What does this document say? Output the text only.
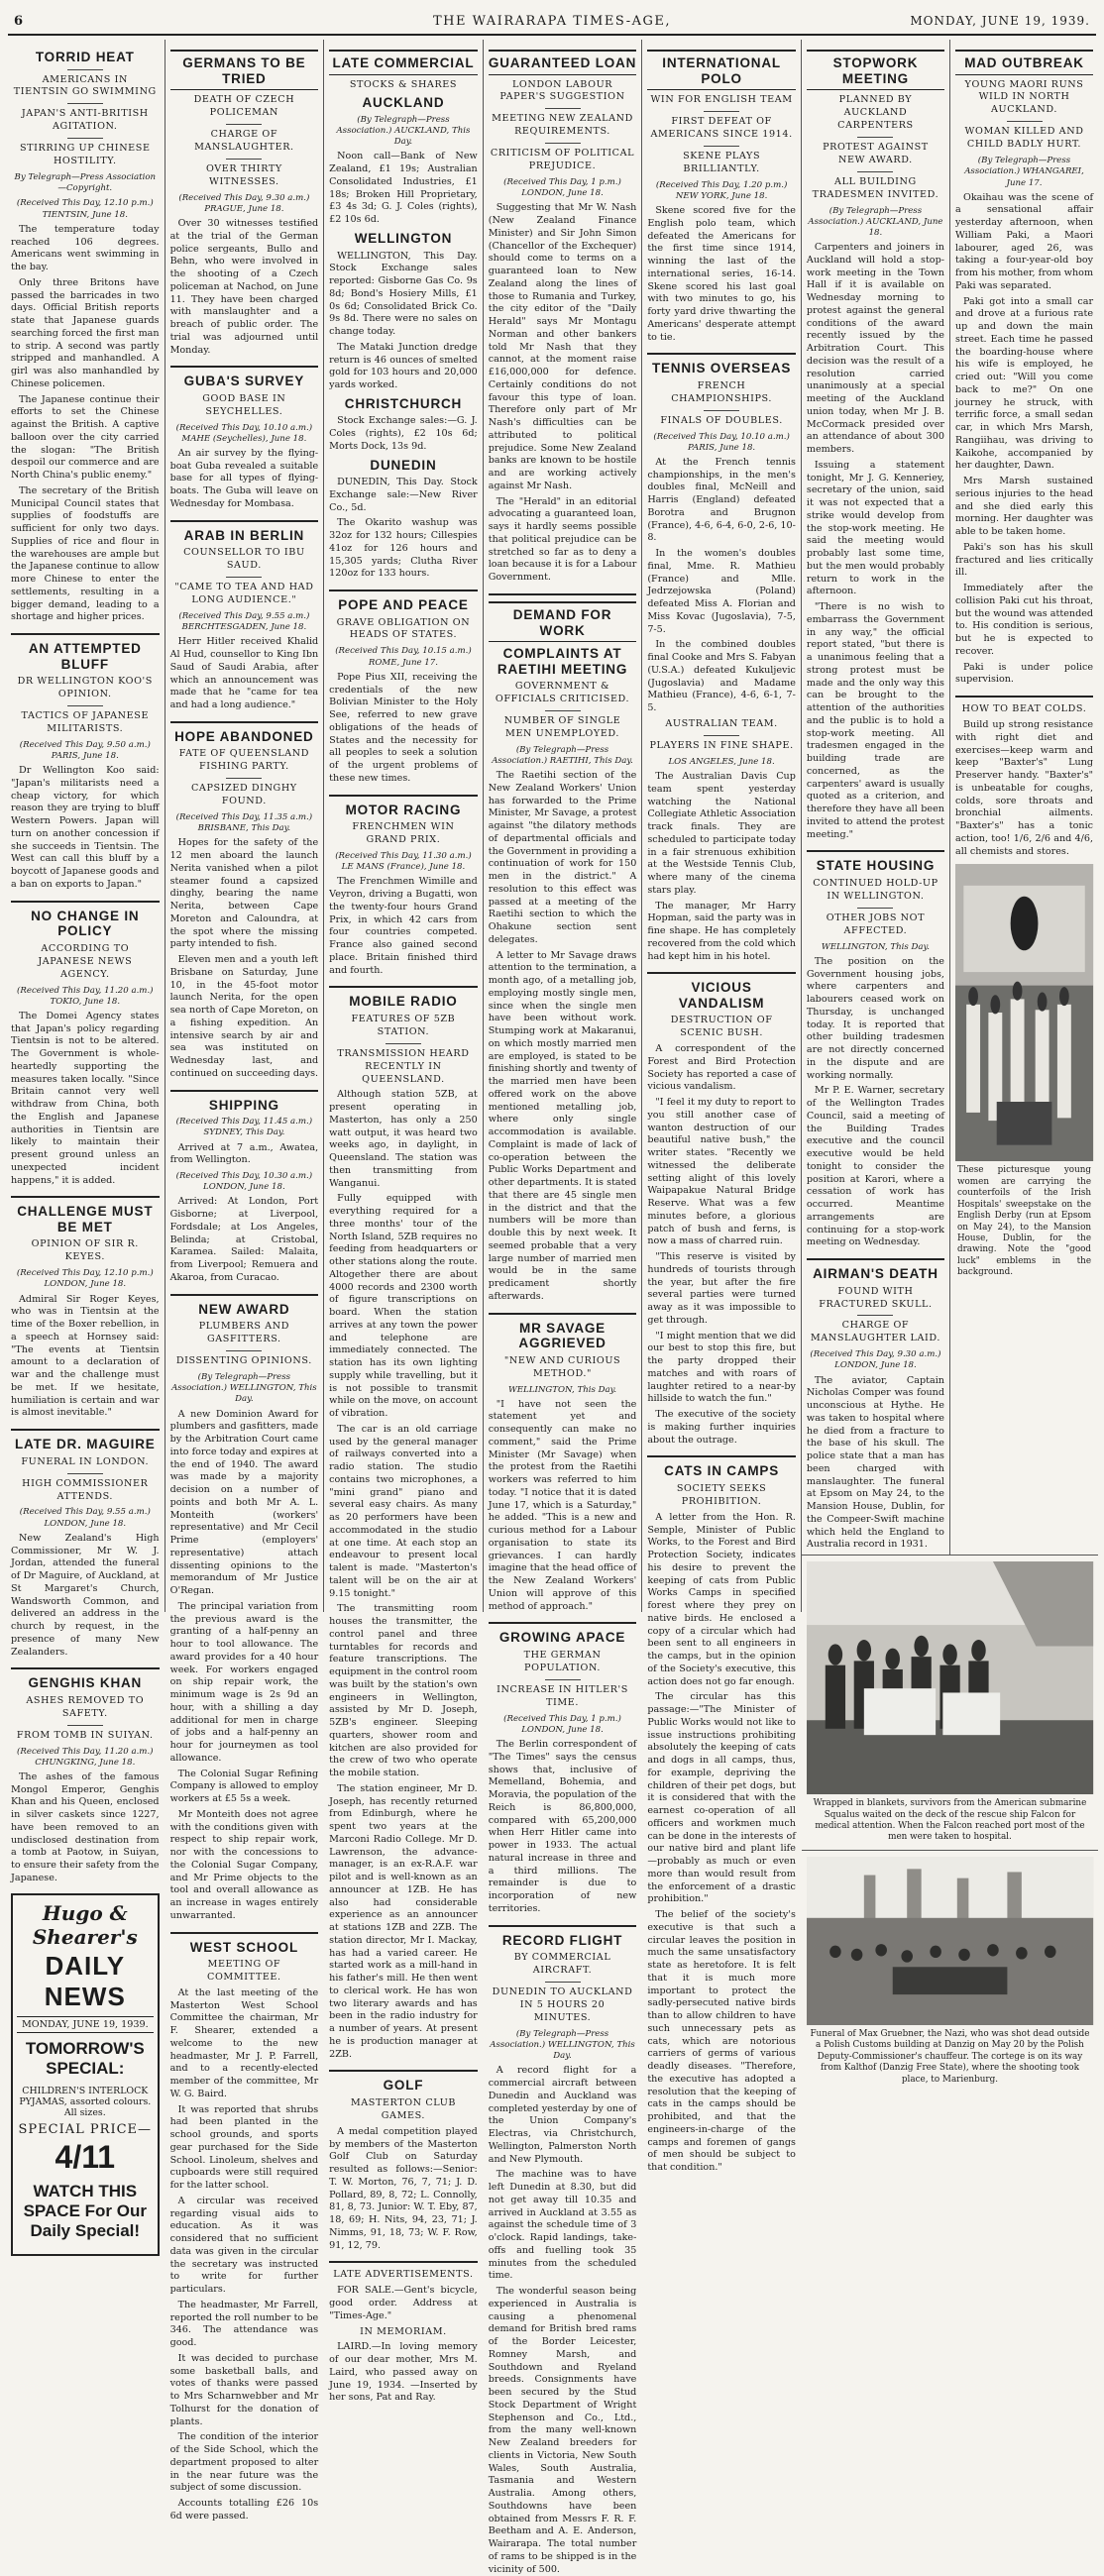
6	THE WAIRARAPA TIMES-AGE,	MONDAY, JUNE 19, 1939.
TORRID HEAT
AMERICANS IN TIENTSIN GO SWIMMING
JAPAN'S ANTI-BRITISH AGITATION.
STIRRING UP CHINESE HOSTILITY.
By Telegraph—Press Association—Copyright.
(Received This Day, 12.10 p.m.) TIENTSIN, June 18.

The temperature today reached 106 degrees. Americans went swimming in the bay.

Only three Britons have passed the barricades in two days. Official British reports state that Japanese guards searching forced the first man to strip. A second was partly stripped and manhandled. A girl was also manhandled by Chinese policemen.

The Japanese continue their efforts to set the Chinese against the British. A captive balloon over the city carried the slogan: "The British despoil our commerce and are North China's public enemy."

The secretary of the British Municipal Council states that supplies of foodstuffs are sufficient for only two days. Supplies of rice and flour in the warehouses are ample but the Japanese continue to allow more Chinese to enter the settlements, resulting in a bigger demand, leading to a shortage and higher prices.

AN ATTEMPTED BLUFF
DR WELLINGTON KOO'S OPINION.
TACTICS OF JAPANESE MILITARISTS.
(Received This Day, 9.50 a.m.) PARIS, June 18.

Dr Wellington Koo said: "Japan's militarists need a cheap victory, for which reason they are trying to bluff Western Powers. Japan will turn on another concession if she succeeds in Tientsin. The West can call this bluff by a boycott of Japanese goods and a ban on exports to Japan."

NO CHANGE IN POLICY
ACCORDING TO JAPANESE NEWS AGENCY.
(Received This Day, 11.20 a.m.) TOKIO, June 18.

The Domei Agency states that Japan's policy regarding Tientsin is not to be altered. The Government is whole-heartedly supporting the measures taken locally. "Since Britain cannot very well withdraw from China, both the English and Japanese authorities in Tientsin are likely to maintain their present ground unless an unexpected incident happens," it is added.

CHALLENGE MUST BE MET
OPINION OF SIR R. KEYES.
(Received This Day, 12.10 p.m.) LONDON, June 18.

Admiral Sir Roger Keyes, who was in Tientsin at the time of the Boxer rebellion, in a speech at Hornsey said: "The events at Tientsin amount to a declaration of war and the challenge must be met. If we hesitate, humiliation is certain and war is almost inevitable."

LATE DR. MAGUIRE
FUNERAL IN LONDON.
HIGH COMMISSIONER ATTENDS.
(Received This Day, 9.55 a.m.) LONDON, June 18.

New Zealand's High Commissioner, Mr W. J. Jordan, attended the funeral of Dr Maguire, of Auckland, at St Margaret's Church, Wandsworth Common, and delivered an address in the church by request, in the presence of many New Zealanders.

GENGHIS KHAN
ASHES REMOVED TO SAFETY.
FROM TOMB IN SUIYAN.
(Received This Day, 11.20 a.m.) CHUNGKING, June 18.

The ashes of the famous Mongol Emperor, Genghis Khan and his Queen, enclosed in silver caskets since 1227, have been removed to an undisclosed destination from a tomb at Paotow, in Suiyan, to ensure their safety from the Japanese.

Hugo & Shearer's
DAILY NEWS
MONDAY, JUNE 19, 1939.
TOMORROW'S SPECIAL:
CHILDREN'S INTERLOCK PYJAMAS, assorted colours. All sizes.
SPECIAL PRICE—
4/11
WATCH THIS SPACE For Our Daily Special!
GERMANS TO BE TRIED
DEATH OF CZECH POLICEMAN
CHARGE OF MANSLAUGHTER.
OVER THIRTY WITNESSES.
(Received This Day, 9.30 a.m.) PRAGUE, June 18.

Over 30 witnesses testified at the trial of the German police sergeants, Bullo and Behn, who were involved in the shooting of a Czech policeman at Nachod, on June 11. They have been charged with manslaughter and a breach of public order. The trial was adjourned until Monday.

GUBA'S SURVEY
GOOD BASE IN SEYCHELLES.
(Received This Day, 10.10 a.m.) MAHE (Seychelles), June 18.

An air survey by the flying-boat Guba revealed a suitable base for all types of flying-boats. The Guba will leave on Wednesday for Mombasa.

ARAB IN BERLIN
COUNSELLOR TO IBU SAUD.
"CAME TO TEA AND HAD LONG AUDIENCE."
(Received This Day, 9.55 a.m.) BERCHTESGADEN, June 18.

Herr Hitler received Khalid Al Hud, counsellor to King Ibn Saud of Saudi Arabia, after which an announcement was made that he "came for tea and had a long audience."

HOPE ABANDONED
FATE OF QUEENSLAND FISHING PARTY.
CAPSIZED DINGHY FOUND.
(Received This Day, 11.35 a.m.) BRISBANE, This Day.

Hopes for the safety of the 12 men aboard the launch Nerita vanished when a pilot steamer found a capsized dinghy, bearing the name Nerita, between Cape Moreton and Caloundra, at the spot where the missing party intended to fish.

Eleven men and a youth left Brisbane on Saturday, June 10, in the 45-foot motor launch Nerita, for the open sea north of Cape Moreton, on a fishing expedition. An intensive search by air and sea was instituted on Wednesday last, and continued on succeeding days.

SHIPPING
(Received This Day, 11.45 a.m.) SYDNEY, This Day.

Arrived at 7 a.m., Awatea, from Wellington.

(Received This Day, 10.30 a.m.) LONDON, June 18.

Arrived: At London, Port Gisborne; at Liverpool, Fordsdale; at Los Angeles, Belinda; at Cristobal, Karamea. Sailed: Malaita, from Liverpool; Remuera and Akaroa, from Curacao.

NEW AWARD
PLUMBERS AND GASFITTERS.
DISSENTING OPINIONS.
(By Telegraph—Press Association.) WELLINGTON, This Day.

A new Dominion Award for plumbers and gasfitters, made by the Arbitration Court came into force today and expires at the end of 1940. The award was made by a majority decision on a number of points and both Mr A. L. Monteith (workers' representative) and Mr Cecil Prime (employers' representative) attach dissenting opinions to the memorandum of Mr Justice O'Regan.

The principal variation from the previous award is the granting of a half-penny an hour to tool allowance. The award provides for a 40 hour week. For workers engaged on ship repair work, the minimum wage is 2s 9d an hour, with a shilling a day additional for men in charge of jobs and a half-penny an hour for journeymen as tool allowance.

The Colonial Sugar Refining Company is allowed to employ workers at £5 5s a week.

Mr Monteith does not agree with the conditions given with respect to ship repair work, nor with the concessions to the Colonial Sugar Company, and Mr Prime objects to the tool and overall allowance as an increase in wages entirely unwarranted.

WEST SCHOOL
MEETING OF COMMITTEE.

At the last meeting of the Masterton West School Committee the chairman, Mr F. Shearer, extended a welcome to the new headmaster, Mr J. P. Farrell, and to a recently-elected member of the committee, Mr W. G. Baird.

It was reported that shrubs had been planted in the school grounds, and sports gear purchased for the Side School. Linoleum, shelves and cupboards were still required for the latter school.

A circular was received regarding visual aids to education. As it was considered that no sufficient data was given in the circular the secretary was instructed to write for further particulars.

The headmaster, Mr Farrell, reported the roll number to be 346. The attendance was good.

It was decided to purchase some basketball balls, and votes of thanks were passed to Mrs Scharnwebber and Mr Tolhurst for the donation of plants.

The condition of the interior of the Side School, which the department proposed to alter in the near future was the subject of some discussion.

Accounts totalling £26 10s 6d were passed.

LATE COMMERCIAL
STOCKS & SHARES
AUCKLAND
(By Telegraph—Press Association.) AUCKLAND, This Day.

Noon call—Bank of New Zealand, £1 19s; Australian Consolidated Industries, £1 18s; Broken Hill Proprietary, £3 4s 3d; G. J. Coles (rights), £2 10s 6d.

WELLINGTON

WELLINGTON, This Day. Stock Exchange sales reported: Gisborne Gas Co. 9s 8d; Bond's Hosiery Mills, £1 0s 6d; Consolidated Brick Co. 9s 8d. There were no sales on change today.

The Mataki Junction dredge return is 46 ounces of smelted gold for 103 hours and 20,000 yards worked.

CHRISTCHURCH

Stock Exchange sales:—G. J. Coles (rights), £2 10s 6d; Morts Dock, 13s 9d.

DUNEDIN

DUNEDIN, This Day. Stock Exchange sale:—New River Co., 5d.

The Okarito washup was 32oz for 132 hours; Cillespies 41oz for 126 hours and 15,305 yards; Clutha River 120oz for 133 hours.

POPE AND PEACE
GRAVE OBLIGATION ON HEADS OF STATES.
(Received This Day, 10.15 a.m.) ROME, June 17.

Pope Pius XII, receiving the credentials of the new Bolivian Minister to the Holy See, referred to new grave obligations of the heads of States and the necessity for all peoples to seek a solution of the urgent problems of these new times.

MOTOR RACING
FRENCHMEN WIN GRAND PRIX.
(Received This Day, 11.30 a.m.) LE MANS (France), June 18.

The Frenchmen Wimille and Veyron, driving a Bugatti, won the twenty-four hours Grand Prix, in which 42 cars from four countries competed. France also gained second place. Britain finished third and fourth.

MOBILE RADIO
FEATURES OF 5ZB STATION.
TRANSMISSION HEARD RECENTLY IN QUEENSLAND.

Although station 5ZB, at present operating in Masterton, has only a 250 watt output, it was heard two weeks ago, in daylight, in Queensland. The station was then transmitting from Wanganui.

Fully equipped with everything required for a three months' tour of the North Island, 5ZB requires no feeding from headquarters or other stations along the route. Altogether there are about 4000 records and 2300 worth of figure transcriptions on board. When the station arrives at any town the power and telephone are immediately connected. The station has its own lighting supply while travelling, but it is not possible to transmit while on the move, on account of vibration.

The car is an old carriage used by the general manager of railways converted into a radio station. The studio contains two microphones, a "mini grand" piano and several easy chairs. As many as 20 performers have been accommodated in the studio at one time. At each stop an endeavour to present local talent is made. "Masterton's talent will be on the air at 9.15 tonight."

The transmitting room houses the transmitter, the control panel and three turntables for records and feature transcriptions. The equipment in the control room was built by the station's own engineers in Wellington, assisted by Mr D. Joseph, 5ZB's engineer. Sleeping quarters, shower room and kitchen are also provided for the crew of two who operate the mobile station.

The station engineer, Mr D. Joseph, has recently returned from Edinburgh, where he spent two years at the Marconi Radio College. Mr D. Lawrenson, the advance-manager, is an ex-R.A.F. war pilot and is well-known as an announcer at 1ZB. He has also had considerable experience as an announcer at stations 1ZB and 2ZB. The station director, Mr I. Mackay, has had a varied career. He started work as a mill-hand in his father's mill. He then went to clerical work. He has won two literary awards and has been in the radio industry for a number of years. At present he is production manager at 2ZB.

GOLF
MASTERTON CLUB GAMES.

A medal competition played by members of the Masterton Golf Club on Saturday resulted as follows:—Senior: T. W. Morton, 76, 7, 71; J. D. Pollard, 89, 8, 72; L. Connolly, 81, 8, 73. Junior: W. T. Eby, 87, 18, 69; H. Nits, 94, 23, 71; J. Nimms, 91, 18, 73; W. F. Row, 91, 12, 79.

LATE ADVERTISEMENTS.

FOR SALE.—Gent's bicycle, good order. Address at "Times-Age."

IN MEMORIAM.

LAIRD.—In loving memory of our dear mother, Mrs M. Laird, who passed away on June 19, 1934. —Inserted by her sons, Pat and Ray.

GUARANTEED LOAN
LONDON LABOUR PAPER'S SUGGESTION
MEETING NEW ZEALAND REQUIREMENTS.
CRITICISM OF POLITICAL PREJUDICE.
(Received This Day, 1 p.m.) LONDON, June 18.

Suggesting that Mr W. Nash (New Zealand Finance Minister) and Sir John Simon (Chancellor of the Exchequer) should come to terms on a guaranteed loan to New Zealand along the lines of those to Rumania and Turkey, the city editor of the "Daily Herald" says Mr Montagu Norman and other bankers told Mr Nash that they cannot, at the moment raise £16,000,000 for defence. Certainly conditions do not favour this type of loan. Therefore only part of Mr Nash's difficulties can be attributed to political prejudice. Some New Zealand banks are known to be hostile and are working actively against Mr Nash.

The "Herald" in an editorial advocating a guaranteed loan, says it hardly seems possible that political prejudice can be stretched so far as to deny a loan because it is for a Labour Government.

DEMAND FOR WORK
COMPLAINTS AT RAETIHI MEETING
GOVERNMENT & OFFICIALS CRITICISED.
NUMBER OF SINGLE MEN UNEMPLOYED.
(By Telegraph—Press Association.) RAETIHI, This Day.

The Raetihi section of the New Zealand Workers' Union has forwarded to the Prime Minister, Mr Savage, a protest against "the dilatory methods of departmental officials and the Government in providing a continuation of work for 150 men in the district." A resolution to this effect was passed at a meeting of the Raetihi section to which the Ohakune section sent delegates.

A letter to Mr Savage draws attention to the termination, a month ago, of a metalling job, employing mostly single men, since when the single men have been without work. Stumping work at Makaranui, on which mostly married men are employed, is stated to be finishing shortly and twenty of the married men have been offered work on the above mentioned metalling job, where only single accommodation is available. Complaint is made of lack of co-operation between the Public Works Department and other departments. It is stated that there are 45 single men in the district and that the numbers will be more than double this by next week. It seemed probable that a very large number of married men would be in the same predicament shortly afterwards.

MR SAVAGE AGGRIEVED
"NEW AND CURIOUS METHOD."
WELLINGTON, This Day.

"I have not seen the statement yet and consequently can make no comment," said the Prime Minister (Mr Savage) when the protest from the Raetihi workers was referred to him today. "I notice that it is dated June 17, which is a Saturday," he added. "This is a new and curious method for a Labour organisation to state its grievances. I can hardly imagine that the head office of the New Zealand Workers' Union will approve of this method of approach."

GROWING APACE
THE GERMAN POPULATION.
INCREASE IN HITLER'S TIME.
(Received This Day, 1 p.m.) LONDON, June 18.

The Berlin correspondent of "The Times" says the census shows that, inclusive of Memelland, Bohemia, and Moravia, the population of the Reich is 86,800,000, compared with 65,200,000 when Herr Hitler came into power in 1933. The actual natural increase in three and a third millions. The remainder is due to incorporation of new territories.

RECORD FLIGHT
BY COMMERCIAL AIRCRAFT.
DUNEDIN TO AUCKLAND IN 5 HOURS 20 MINUTES.
(By Telegraph—Press Association.) WELLINGTON, This Day.

A record flight for a commercial aircraft between Dunedin and Auckland was completed yesterday by one of the Union Company's Electras, via Christchurch, Wellington, Palmerston North and New Plymouth.

The machine was to have left Dunedin at 8.30, but did not get away till 10.35 and arrived in Auckland at 3.55 as against the schedule time of 3 o'clock. Rapid landings, take-offs and fuelling took 35 minutes from the scheduled time.

The wonderful season being experienced in Australia is causing a phenomenal demand for British bred rams of the Border Leicester, Romney Marsh, and Southdown and Ryeland breeds. Consignments have been secured by the Stud Stock Department of Wright Stephenson and Co., Ltd., from the many well-known New Zealand breeders for clients in Victoria, New South Wales, South Australia, Tasmania and Western Australia. Among others, Southdowns have been obtained from Messrs F. R. F. Beetham and A. E. Anderson, Wairarapa. The total number of rams to be shipped is in the vicinity of 500.

INTERNATIONAL POLO
WIN FOR ENGLISH TEAM
FIRST DEFEAT OF AMERICANS SINCE 1914.
SKENE PLAYS BRILLIANTLY.
(Received This Day, 1.20 p.m.) NEW YORK, June 18.

Skene scored five for the English polo team, which defeated the Americans for the first time since 1914, winning the last of the international series, 16-14. Skene scored his last goal with two minutes to go, his forty yard drive thwarting the Americans' desperate attempt to tie.

TENNIS OVERSEAS
FRENCH CHAMPIONSHIPS.
FINALS OF DOUBLES.
(Received This Day, 10.10 a.m.) PARIS, June 18.

At the French tennis championships, in the men's doubles final, McNeill and Harris (England) defeated Borotra and Brugnon (France), 4-6, 6-4, 6-0, 2-6, 10-8.

In the women's doubles final, Mme. R. Mathieu (France) and Mlle. Jedrzejowska (Poland) defeated Miss A. Florian and Miss Kovac (Jugoslavia), 7-5, 7-5.

In the combined doubles final Cooke and Mrs S. Fabyan (U.S.A.) defeated Kukuljevic (Jugoslavia) and Madame Mathieu (France), 4-6, 6-1, 7-5.

AUSTRALIAN TEAM.
PLAYERS IN FINE SHAPE.
LOS ANGELES, June 18.

The Australian Davis Cup team spent yesterday watching the National Collegiate Athletic Association track finals. They are scheduled to participate today in a fair strenuous exhibition at the Westside Tennis Club, where many of the cinema stars play.

The manager, Mr Harry Hopman, said the party was in fine shape. He has completely recovered from the cold which had kept him in his hotel.

VICIOUS VANDALISM
DESTRUCTION OF SCENIC BUSH.

A correspondent of the Forest and Bird Protection Society has reported a case of vicious vandalism.

"I feel it my duty to report to you still another case of wanton destruction of our beautiful native bush," the writer states. "Recently we witnessed the deliberate setting alight of this lovely Waipapakue Natural Bridge Reserve. What was a few minutes before, a glorious patch of bush and ferns, is now a mass of charred ruin.

"This reserve is visited by hundreds of tourists through the year, but after the fire several parties were turned away as it was impossible to get through.

"I might mention that we did our best to stop this fire, but the party dropped their matches and with roars of laughter retired to a near-by hillside to watch the fun."

The executive of the society is making further inquiries about the outrage.

CATS IN CAMPS
SOCIETY SEEKS PROHIBITION.

A letter from the Hon. R. Semple, Minister of Public Works, to the Forest and Bird Protection Society, indicates his desire to prevent the keeping of cats from Public Works Camps in specified forest where they prey on native birds. He enclosed a copy of a circular which had been sent to all engineers in the camps, but in the opinion of the Society's executive, this action does not go far enough.

The circular has this passage:—"The Minister of Public Works would not like to issue instructions prohibiting absolutely the keeping of cats and dogs in all camps, thus, for example, depriving the children of their pet dogs, but it is considered that with the earnest co-operation of all officers and workmen much can be done in the interests of our native bird and plant life—probably as much or even more than would result from the enforcement of a drastic prohibition."

The belief of the society's executive is that such a circular leaves the position in much the same unsatisfactory state as heretofore. It is felt that it is much more important to protect the sadly-persecuted native birds than to allow children to have such unnecessary pets as cats, which are notorious carriers of germs of various deadly diseases. "Therefore, the executive has adopted a resolution that the keeping of cats in the camps should be prohibited, and that the engineers-in-charge of the camps and foremen of gangs of men should be subject to that condition."

STOPWORK MEETING
PLANNED BY AUCKLAND CARPENTERS
PROTEST AGAINST NEW AWARD.
ALL BUILDING TRADESMEN INVITED.
(By Telegraph—Press Association.) AUCKLAND, June 18.

Carpenters and joiners in Auckland will hold a stop-work meeting in the Town Hall if it is available on Wednesday morning to protest against the general conditions of the award recently issued by the Arbitration Court. This decision was the result of a resolution carried unanimously at a special meeting of the Auckland union today, when Mr J. B. McCormack presided over an attendance of about 300 members.

Issuing a statement tonight, Mr J. G. Kenneriey, secretary of the union, said it was not expected that a strike would develop from the stop-work meeting. He said the meeting would probably last some time, but the men would probably return to work in the afternoon.

"There is no wish to embarrass the Government in any way," the official report stated, "but there is a unanimous feeling that a strong protest must be made and the only way this can be brought to the attention of the authorities and the public is to hold a stop-work meeting. All tradesmen engaged in the building trade are concerned, as the carpenters' award is usually quoted as a criterion, and therefore they have all been invited to attend the protest meeting."

STATE HOUSING
CONTINUED HOLD-UP IN WELLINGTON.
OTHER JOBS NOT AFFECTED.
WELLINGTON, This Day.

The position on the Government housing jobs, where carpenters and labourers ceased work on Thursday, is unchanged today. It is reported that other building tradesmen are not directly concerned in the dispute and are working normally.

Mr P. E. Warner, secretary of the Wellington Trades Council, said a meeting of the Building Trades executive and the council executive would be held tonight to consider the position at Karori, where a cessation of work has occurred. Meantime arrangements are continuing for a stop-work meeting on Wednesday.

AIRMAN'S DEATH
FOUND WITH FRACTURED SKULL.
CHARGE OF MANSLAUGHTER LAID.
(Received This Day, 9.30 a.m.) LONDON, June 18.

The aviator, Captain Nicholas Comper was found unconscious at Hythe. He was taken to hospital where he died from a fracture to the base of his skull. The police state that a man has been charged with manslaughter. The funeral at Epsom on May 24, to the Mansion House, Dublin, for the Compeer-Swift machine which held the England to Australia record in 1931.

MAD OUTBREAK
YOUNG MAORI RUNS WILD IN NORTH AUCKLAND.
WOMAN KILLED AND CHILD BADLY HURT.
(By Telegraph—Press Association.) WHANGAREI, June 17.

Okaihau was the scene of a sensational affair yesterday afternoon, when William Paki, a Maori labourer, aged 26, was taking a four-year-old boy from his mother, from whom Paki was separated.

Paki got into a small car and drove at a furious rate up and down the main street. Each time he passed the boarding-house where his wife is employed, he cried out: "Will you come back to me?" On one journey he struck, with terrific force, a small sedan car, in which Mrs Marsh, Rangiihau, was driving to Kaikohe, accompanied by her daughter, Dawn.

Mrs Marsh sustained serious injuries to the head and she died early this morning. Her daughter was able to be taken home.

Paki's son has his skull fractured and lies critically ill.

Immediately after the collision Paki cut his throat, but the wound was attended to. His condition is serious, but he is expected to recover.

Paki is under police supervision.

HOW TO BEAT COLDS.

Build up strong resistance with right diet and exercises—keep warm and keep "Baxter's" Lung Preserver handy. "Baxter's" is unbeatable for coughs, colds, sore throats and bronchial ailments. "Baxter's" has a tonic action, too! 1/6, 2/6 and 4/6, all chemists and stores.

These picturesque young women are carrying the counterfoils of the Irish Hospitals' sweepstake on the English Derby (run at Epsom on May 24), to the Mansion House, Dublin, for the drawing. Note the "good luck" emblems in the background.
Wrapped in blankets, survivors from the American submarine Squalus waited on the deck of the rescue ship Falcon for medical attention. When the Falcon reached port most of the men were taken to hospital.
Funeral of Max Gruebner, the Nazi, who was shot dead outside a Polish Customs building at Danzig on May 20 by the Polish Deputy-Commissioner's chauffeur. The cortege is on its way from Kalthof (Danzig Free State), where the shooting took place, to Marienburg.
